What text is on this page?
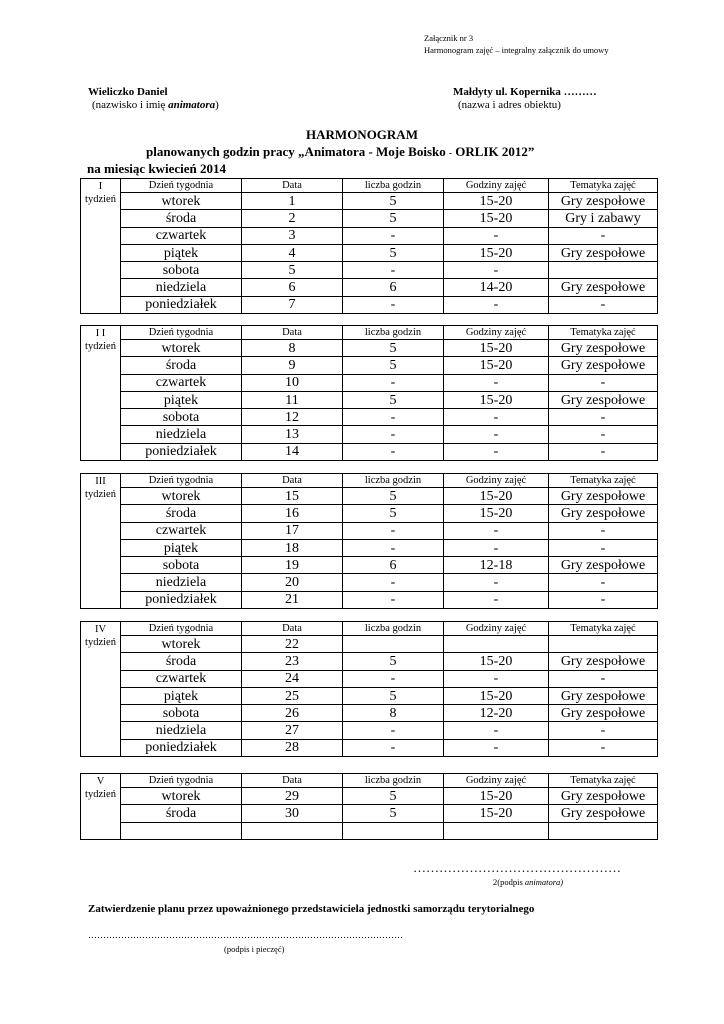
Załącznik nr 3
Harmonogram zajęć – integralny załącznik do umowy
Wieliczko Daniel
(nazwisko i imię animatora)
Małdyty ul. Kopernika ………
(nazwa i adres obiektu)
HARMONOGRAM
planowanych godzin pracy „Animatora - Moje Boisko - ORLIK 2012”
na miesiąc kwiecień 2014
I
tydzień	Dzień tygodnia	Data	liczba godzin	Godziny zajęć	Tematyka zajęć
	wtorek	1	5	15-20	Gry zespołowe
	środa	2	5	15-20	Gry i zabawy
	czwartek	3	-	-	-
	piątek	4	5	15-20	Gry zespołowe
	sobota	5	-	-	
	niedziela	6	6	14-20	Gry zespołowe
	poniedziałek	7	-	-	-
I I
tydzień	Dzień tygodnia	Data	liczba godzin	Godziny zajęć	Tematyka zajęć
	wtorek	8	5	15-20	Gry zespołowe
	środa	9	5	15-20	Gry zespołowe
	czwartek	10	-	-	-
	piątek	11	5	15-20	Gry zespołowe
	sobota	12	-	-	-
	niedziela	13	-	-	-
	poniedziałek	14	-	-	-
III
tydzień	Dzień tygodnia	Data	liczba godzin	Godziny zajęć	Tematyka zajęć
	wtorek	15	5	15-20	Gry zespołowe
	środa	16	5	15-20	Gry zespołowe
	czwartek	17	-	-	-
	piątek	18	-	-	-
	sobota	19	6	12-18	Gry zespołowe
	niedziela	20	-	-	-
	poniedziałek	21	-	-	-
IV
tydzień	Dzień tygodnia	Data	liczba godzin	Godziny zajęć	Tematyka zajęć
	wtorek	22			
	środa	23	5	15-20	Gry zespołowe
	czwartek	24	-	-	-
	piątek	25	5	15-20	Gry zespołowe
	sobota	26	8	12-20	Gry zespołowe
	niedziela	27	-	-	-
	poniedziałek	28	-	-	-
V
tydzień	Dzień tygodnia	Data	liczba godzin	Godziny zajęć	Tematyka zajęć
	wtorek	29	5	15-20	Gry zespołowe
	środa	30	5	15-20	Gry zespołowe

…………………………………………
2(podpis animatora)
Zatwierdzenie planu przez upoważnionego przedstawiciela jednostki samorządu terytorialnego
……………………………………………………………………………………………
(podpis i pieczęć)
